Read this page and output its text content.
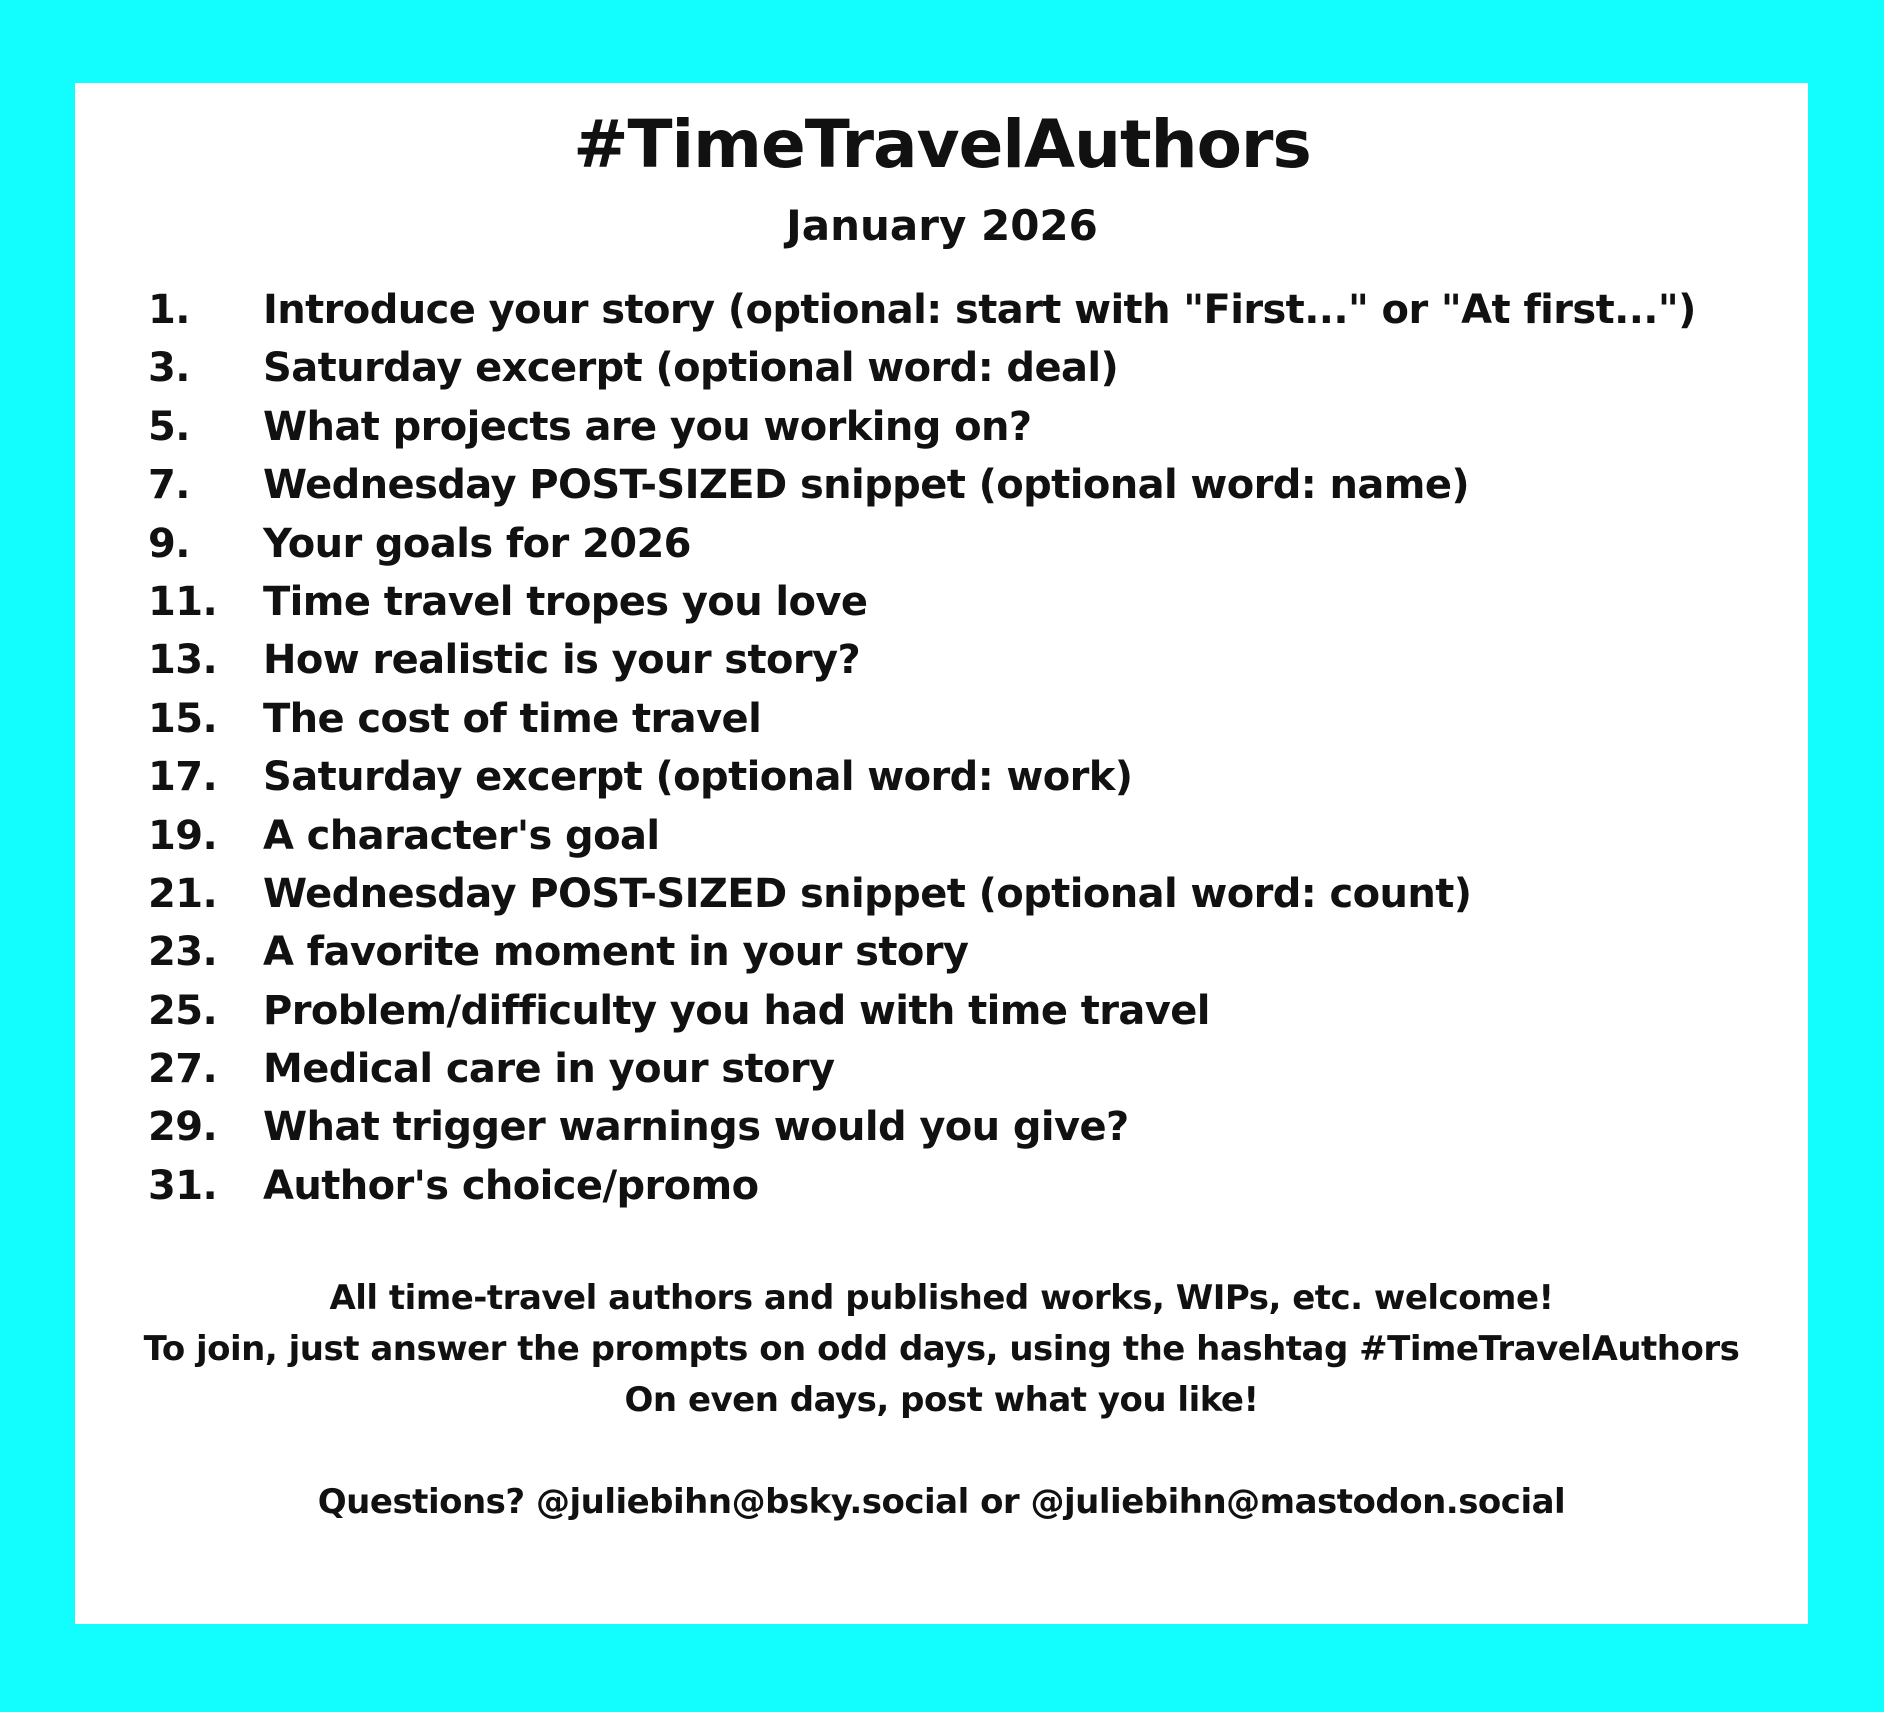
#TimeTravelAuthors
January 2026
1. Introduce your story (optional: start with "First..." or "At first...")
3. Saturday excerpt (optional word: deal)
5. What projects are you working on?
7. Wednesday POST-SIZED snippet (optional word: name)
9. Your goals for 2026
11. Time travel tropes you love
13. How realistic is your story?
15. The cost of time travel
17. Saturday excerpt (optional word: work)
19. A character's goal
21. Wednesday POST-SIZED snippet (optional word: count)
23. A favorite moment in your story
25. Problem/difficulty you had with time travel
27. Medical care in your story
29. What trigger warnings would you give?
31. Author's choice/promo
All time-travel authors and published works, WIPs, etc. welcome!
To join, just answer the prompts on odd days, using the hashtag #TimeTravelAuthors
On even days, post what you like!
Questions? @juliebihn@bsky.social or @juliebihn@mastodon.social
